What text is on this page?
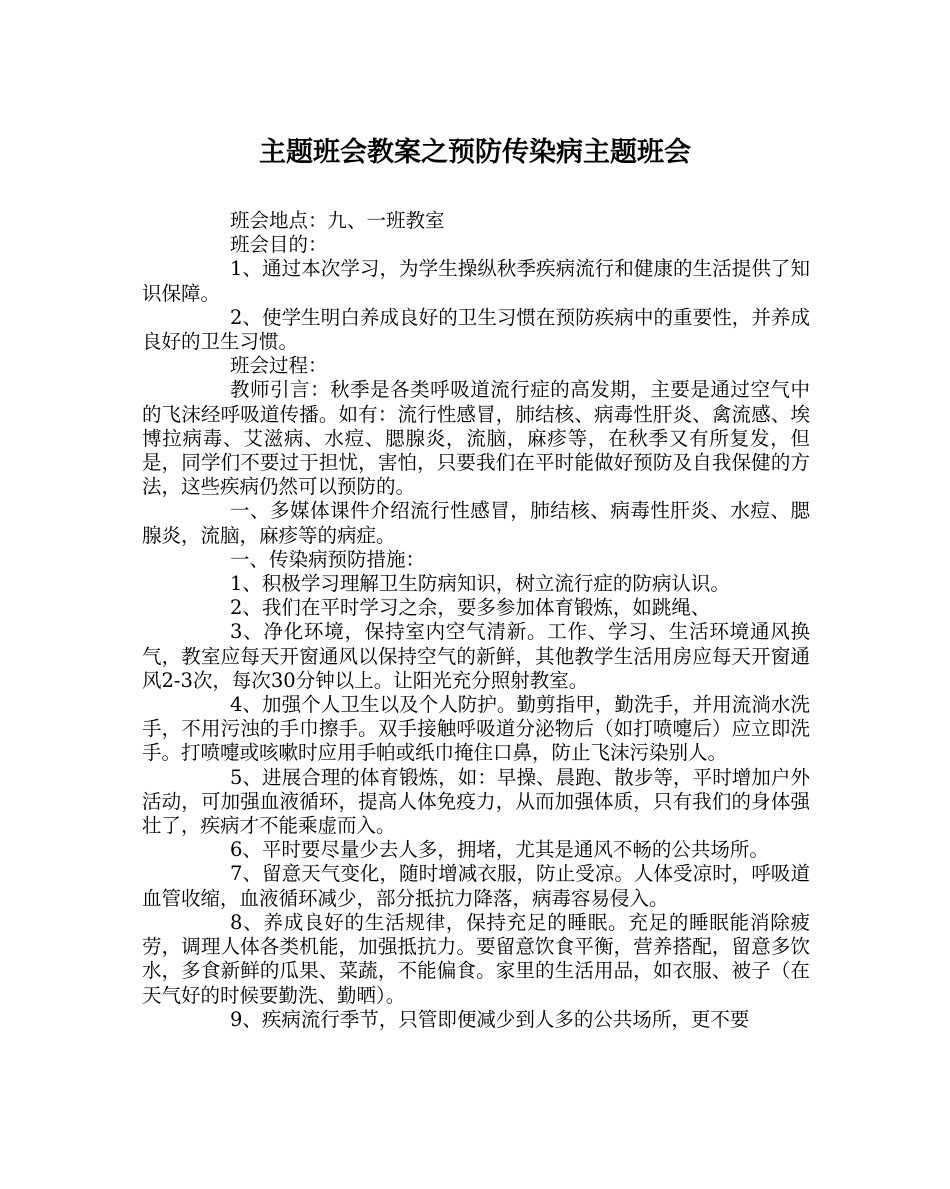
主题班会教案之预防传染病主题班会

班会地点：九、一班教室

班会目的：

1、通过本次学习，为学生操纵秋季疾病流行和健康的生活提供了知识保障。

2、使学生明白养成良好的卫生习惯在预防疾病中的重要性，并养成良好的卫生习惯。

班会过程：

教师引言：秋季是各类呼吸道流行症的高发期，主要是通过空气中的飞沫经呼吸道传播。如有：流行性感冒，肺结核、病毒性肝炎、禽流感、埃博拉病毒、艾滋病、水痘、腮腺炎，流脑，麻疹等，在秋季又有所复发，但是，同学们不要过于担忧，害怕，只要我们在平时能做好预防及自我保健的方法，这些疾病仍然可以预防的。

一、多媒体课件介绍流行性感冒，肺结核、病毒性肝炎、水痘、腮腺炎，流脑，麻疹等的病症。

一、传染病预防措施：

1、积极学习理解卫生防病知识，树立流行症的防病认识。

2、我们在平时学习之余，要多参加体育锻炼，如跳绳、

3、净化环境，保持室内空气清新。工作、学习、生活环境通风换气，教室应每天开窗通风以保持空气的新鲜，其他教学生活用房应每天开窗通风2-3次，每次30分钟以上。让阳光充分照射教室。

4、加强个人卫生以及个人防护。勤剪指甲，勤洗手，并用流淌水洗手，不用污浊的手巾擦手。双手接触呼吸道分泌物后（如打喷嚏后）应立即洗手。打喷嚏或咳嗽时应用手帕或纸巾掩住口鼻，防止飞沫污染别人。

5、进展合理的体育锻炼，如：早操、晨跑、散步等，平时增加户外活动，可加强血液循环，提高人体免疫力，从而加强体质，只有我们的身体强壮了，疾病才不能乘虚而入。

6、平时要尽量少去人多，拥堵，尤其是通风不畅的公共场所。

7、留意天气变化，随时增减衣服，防止受凉。人体受凉时，呼吸道血管收缩，血液循环减少，部分抵抗力降落，病毒容易侵入。

8、养成良好的生活规律，保持充足的睡眠。充足的睡眠能消除疲劳，调理人体各类机能，加强抵抗力。要留意饮食平衡，营养搭配，留意多饮水，多食新鲜的瓜果、菜蔬，不能偏食。家里的生活用品，如衣服、被子（在天气好的时候要勤洗、勤晒）。

9、疾病流行季节，只管即便减少到人多的公共场所，更不要
